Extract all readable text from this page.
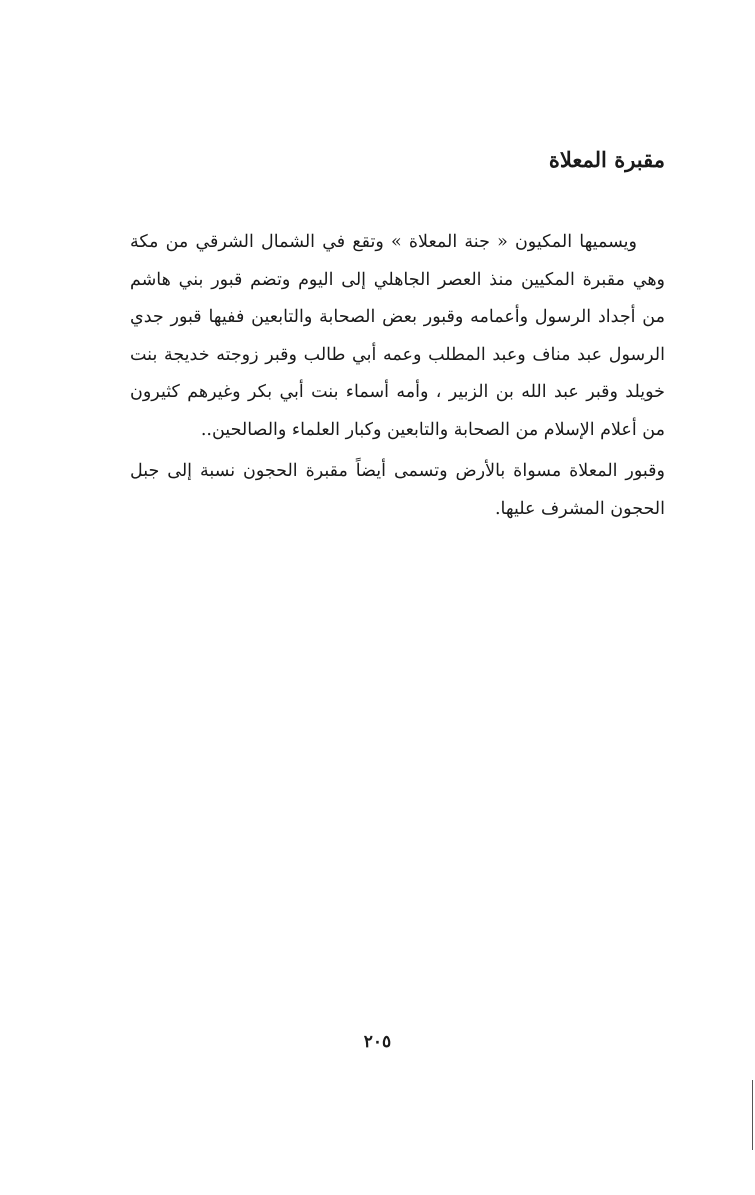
مقبرة المعلاة

ويسميها المكيون « جنة المعلاة » وتقع في الشمال الشرقي من مكة وهي مقبرة المكيين منذ العصر الجاهلي إلى اليوم وتضم قبور بني هاشم من أجداد الرسول وأعمامه وقبور بعض الصحابة والتابعين ففيها قبور جدي الرسول عبد مناف وعبد المطلب وعمه أبي طالب وقبر زوجته خديجة بنت خويلد وقبر عبد الله بن الزبير ، وأمه أسماء بنت أبي بكر وغيرهم كثيرون من أعلام الإسلام من الصحابة والتابعين وكبار العلماء والصالحين..

وقبور المعلاة مسواة بالأرض وتسمى أيضاً مقبرة الحجون نسبة إلى جبل الحجون المشرف عليها.

٢٠٥
